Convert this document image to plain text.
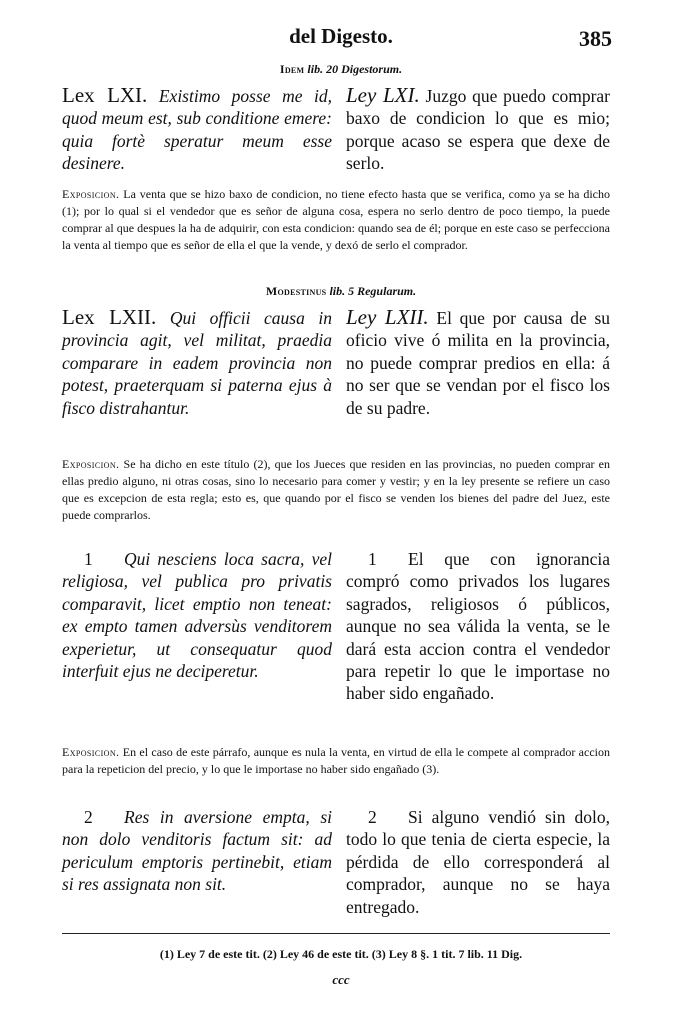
del Digesto.	385
Idem lib. 20 Digestorum.
Lex LXI. Existimo posse me id, quod meum est, sub conditione emere: quia fortè speratur meum esse desinere.
Ley LXI. Juzgo que puedo comprar baxo de condicion lo que es mio; porque acaso se espera que dexe de serlo.
Exposicion. La venta que se hizo baxo de condicion, no tiene efecto hasta que se verifica, como ya se ha dicho (1); por lo qual si el vendedor que es señor de alguna cosa, espera no serlo dentro de poco tiempo, la puede comprar al que despues la ha de adquirir, con esta condicion: quando sea de él; porque en este caso se perfecciona la venta al tiempo que es señor de ella el que la vende, y dexó de serlo el comprador.
Modestinus lib. 5 Regularum.
Lex LXII. Qui officii causa in provincia agit, vel militat, praedia comparare in eadem provincia non potest, praeterquam si paterna ejus à fisco distrahantur.
Ley LXII. El que por causa de su oficio vive ó milita en la provincia, no puede comprar predios en ella: á no ser que se vendan por el fisco los de su padre.
Exposicion. Se ha dicho en este título (2), que los Jueces que residen en las provincias, no pueden comprar en ellas predio alguno, ni otras cosas, sino lo necesario para comer y vestir; y en la ley presente se refiere un caso que es excepcion de esta regla; esto es, que quando por el fisco se venden los bienes del padre del Juez, este puede comprarlos.
1 Qui nesciens loca sacra, vel religiosa, vel publica pro privatis comparavit, licet emptio non teneat: ex empto tamen adversùs venditorem experietur, ut consequatur quod interfuit ejus ne deciperetur.
1 El que con ignorancia compró como privados los lugares sagrados, religiosos ó públicos, aunque no sea válida la venta, se le dará esta accion contra el vendedor para repetir lo que le importase no haber sido engañado.
Exposicion. En el caso de este párrafo, aunque es nula la venta, en virtud de ella le compete al comprador accion para la repeticion del precio, y lo que le importase no haber sido engañado (3).
2 Res in aversione empta, si non dolo venditoris factum sit: ad periculum emptoris pertinebit, etiam si res assignata non sit.
2 Si alguno vendió sin dolo, todo lo que tenia de cierta especie, la pérdida de ello corresponderá al comprador, aunque no se haya entregado.
(1) Ley 7 de este tit. (2) Ley 46 de este tit. (3) Ley 8 §. 1 tit. 7 lib. 11 Dig.
ccc
